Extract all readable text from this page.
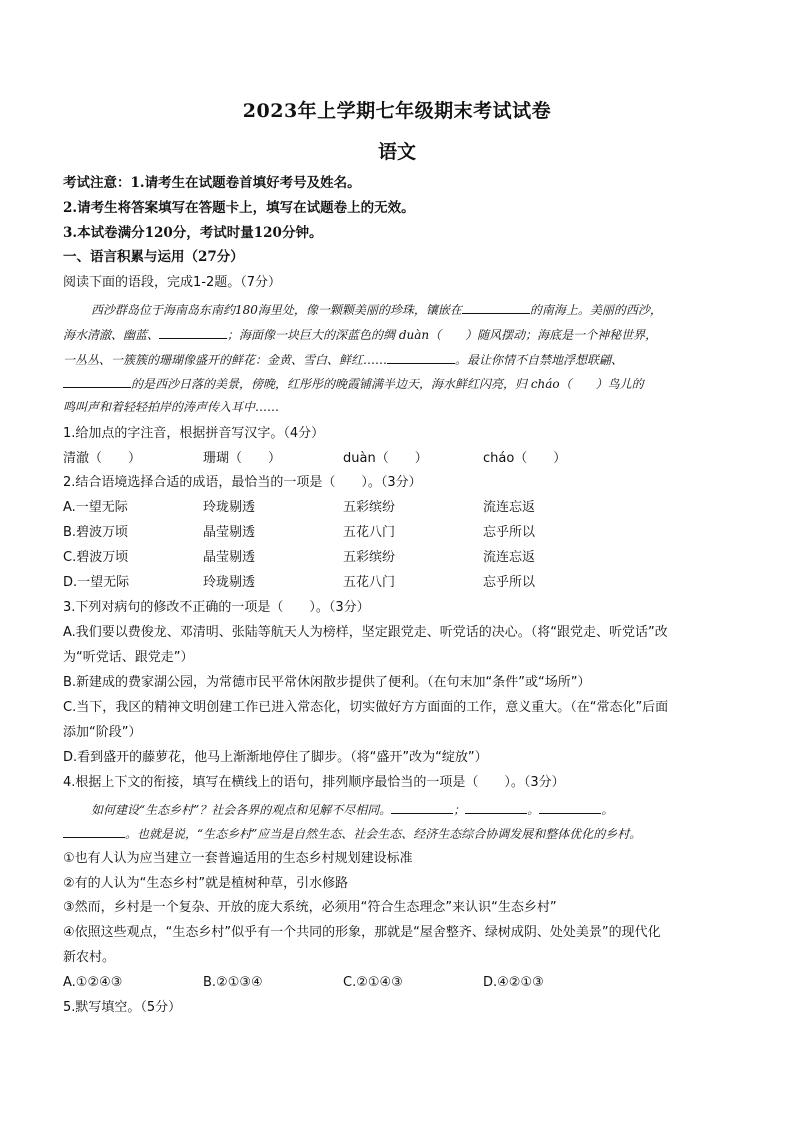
2023年上学期七年级期末考试试卷
语文
考试注意：1.请考生在试题卷首填好考号及姓名。
2.请考生将答案填写在答题卡上，填写在试题卷上的无效。
3.本试卷满分120分，考试时量120分钟。
一、语言积累与运用（27分）
阅读下面的语段，完成1-2题。（7分）
西沙群岛位于海南岛东南约180海里处，像一颗颗美丽的珍珠，镶嵌在	的南海上。美丽的西沙，
海水清澈、幽蓝、	；海面像一块巨大的深蓝色的绸 duàn（　　）随风摆动；海底是一个神秘世界，
一丛丛、一簇簇的珊瑚像盛开的鲜花：金黄、雪白、鲜红……	。最让你情不自禁地浮想联翩、
的是西沙日落的美景，傍晚，红彤彤的晚霞铺满半边天，海水鲜红闪亮，归 cháo（　　）鸟儿的
鸣叫声和着轻轻拍岸的涛声传入耳中……
1.给加点的字注音，根据拼音写汉字。（4分）
清澈（　　）	珊瑚（　　）	duàn（　　）	cháo（　　）
2.结合语境选择合适的成语，最恰当的一项是（　　）。（3分）
A.一望无际	玲珑剔透	五彩缤纷	流连忘返
B.碧波万顷	晶莹剔透	五花八门	忘乎所以
C.碧波万顷	晶莹剔透	五彩缤纷	流连忘返
D.一望无际	玲珑剔透	五花八门	忘乎所以
3.下列对病句的修改不正确的一项是（　　）。（3分）
A.我们要以费俊龙、邓清明、张陆等航天人为榜样，坚定跟党走、听党话的决心。（将“跟党走、听党话”改
为“听党话、跟党走”）
B.新建成的费家湖公园，为常德市民平常休闲散步提供了便利。（在句末加“条件”或“场所”）
C.当下，我区的精神文明创建工作已进入常态化，切实做好方方面面的工作，意义重大。（在“常态化”后面
添加“阶段”）
D.看到盛开的藤萝花，他马上渐渐地停住了脚步。（将“盛开”改为“绽放”）
4.根据上下文的衔接，填写在横线上的语句，排列顺序最恰当的一项是（　　）。（3分）
如何建设“生态乡村”？社会各界的观点和见解不尽相同。	；	。	。
。也就是说，“生态乡村”应当是自然生态、社会生态、经济生态综合协调发展和整体优化的乡村。
①也有人认为应当建立一套普遍适用的生态乡村规划建设标准
②有的人认为“生态乡村”就是植树种草，引水修路
③然而，乡村是一个复杂、开放的庞大系统，必须用“符合生态理念”来认识“生态乡村”
④依照这些观点，“生态乡村”似乎有一个共同的形象，那就是“屋舍整齐、绿树成阴、处处美景”的现代化
新农村。
A.①②④③	B.②①③④	C.②①④③	D.④②①③
5.默写填空。（5分）
